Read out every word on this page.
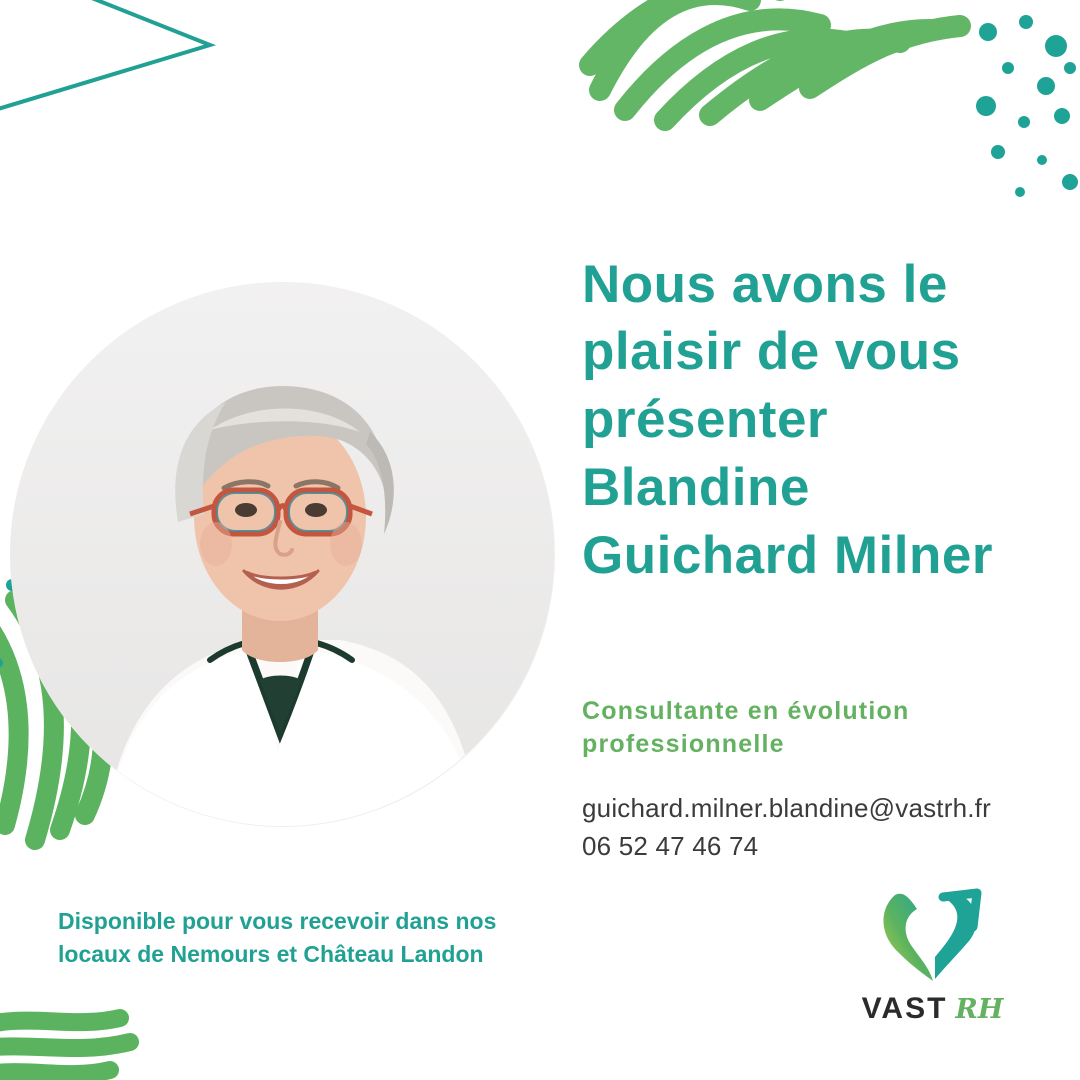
Nous avons le plaisir de vous présenter Blandine Guichard Milner
Consultante en évolution professionnelle
guichard.milner.blandine@vastrh.fr
06 52 47 46 74
Disponible pour vous recevoir dans nos locaux de Nemours et Château Landon
VAST RH
